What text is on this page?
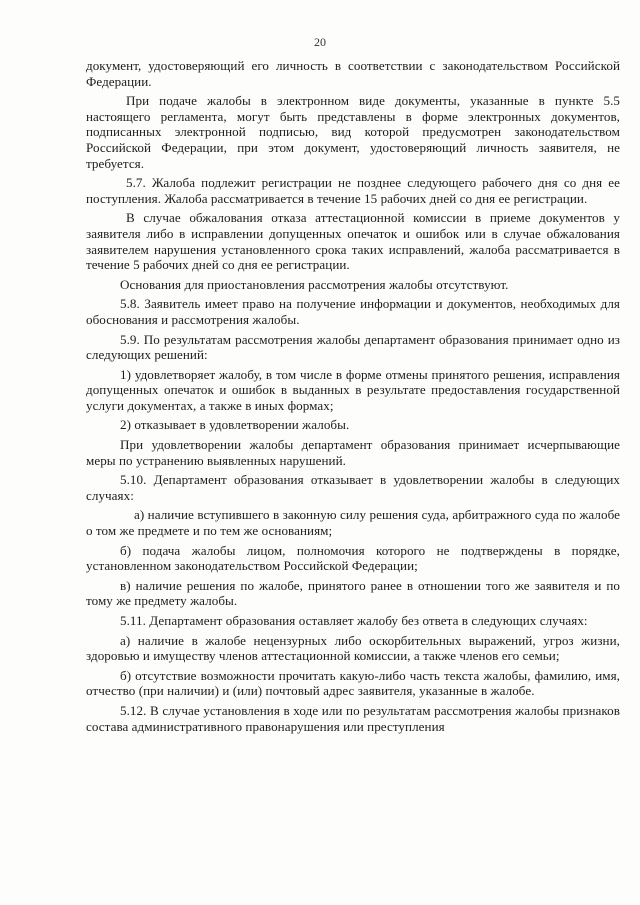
20

документ, удостоверяющий его личность в соответствии с законодательством Российской Федерации.

При подаче жалобы в электронном виде документы, указанные в пункте 5.5 настоящего регламента, могут быть представлены в форме электронных документов, подписанных электронной подписью, вид которой предусмотрен законодательством Российской Федерации, при этом документ, удостоверяющий личность заявителя, не требуется.

5.7. Жалоба подлежит регистрации не позднее следующего рабочего дня со дня ее поступления. Жалоба рассматривается в течение 15 рабочих дней со дня ее регистрации.

В случае обжалования отказа аттестационной комиссии в приеме документов у заявителя либо в исправлении допущенных опечаток и ошибок или в случае обжалования заявителем нарушения установленного срока таких исправлений, жалоба рассматривается в течение 5 рабочих дней со дня ее регистрации.

Основания для приостановления рассмотрения жалобы отсутствуют.

5.8. Заявитель имеет право на получение информации и документов, необходимых для обоснования и рассмотрения жалобы.

5.9. По результатам рассмотрения жалобы департамент образования принимает одно из следующих решений:

1) удовлетворяет жалобу, в том числе в форме отмены принятого решения, исправления допущенных опечаток и ошибок в выданных в результате предоставления государственной услуги документах, а также в иных формах;

2) отказывает в удовлетворении жалобы.

При удовлетворении жалобы департамент образования принимает исчерпывающие меры по устранению выявленных нарушений.

5.10. Департамент образования отказывает в удовлетворении жалобы в следующих случаях:

а) наличие вступившего в законную силу решения суда, арбитражного суда по жалобе о том же предмете и по тем же основаниям;

б) подача жалобы лицом, полномочия которого не подтверждены в порядке, установленном законодательством Российской Федерации;

в) наличие решения по жалобе, принятого ранее в отношении того же заявителя и по тому же предмету жалобы.

5.11. Департамент образования оставляет жалобу без ответа в следующих случаях:

а) наличие в жалобе нецензурных либо оскорбительных выражений, угроз жизни, здоровью и имуществу членов аттестационной комиссии, а также членов его семьи;

б) отсутствие возможности прочитать какую-либо часть текста жалобы, фамилию, имя, отчество (при наличии) и (или) почтовый адрес заявителя, указанные в жалобе.

5.12. В случае установления в ходе или по результатам рассмотрения жалобы признаков состава административного правонарушения или преступления
